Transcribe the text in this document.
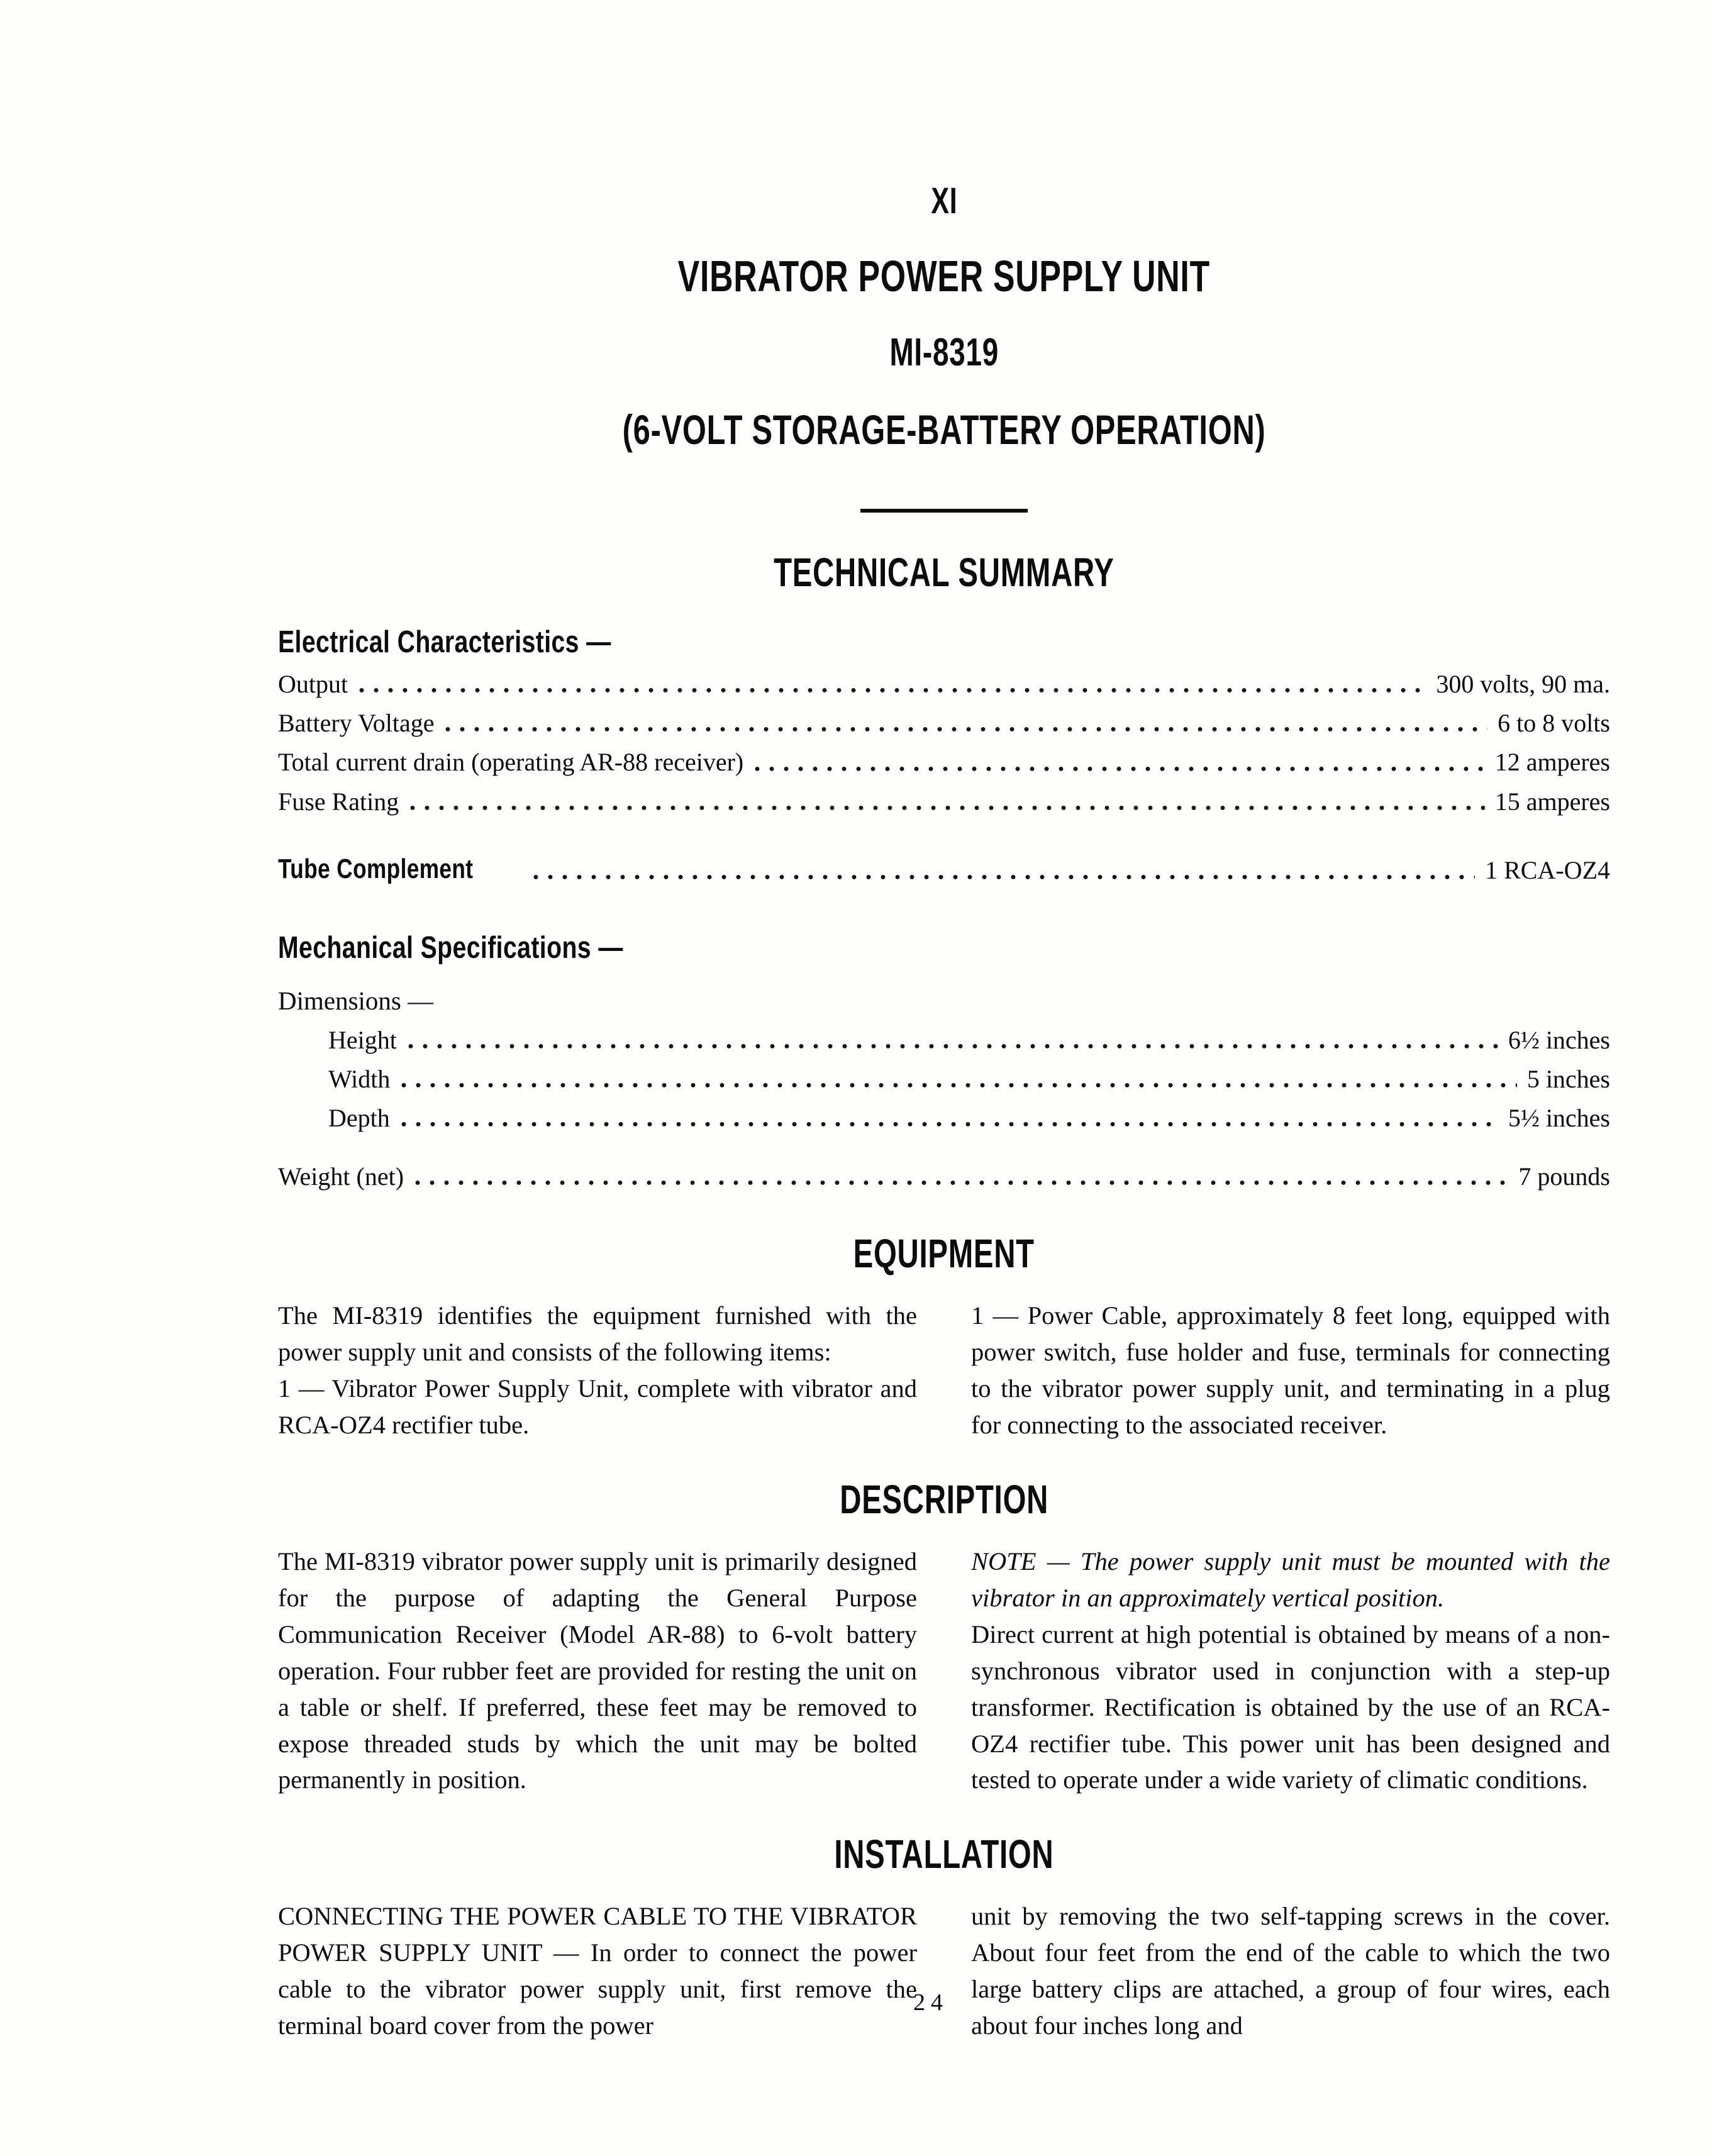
XI
VIBRATOR POWER SUPPLY UNIT
MI-8319
(6-VOLT STORAGE-BATTERY OPERATION)
TECHNICAL SUMMARY
Electrical Characteristics —
Output	300 volts, 90 ma.
Battery Voltage	6 to 8 volts
Total current drain (operating AR-88 receiver)	12 amperes
Fuse Rating	15 amperes
Tube Complement	1 RCA-OZ4
Mechanical Specifications —
Dimensions —
Height	6½ inches
Width	5 inches
Depth	5½ inches
Weight (net)	7 pounds
EQUIPMENT

The MI-8319 identifies the equipment furnished with the power supply unit and consists of the following items:

1 — Vibrator Power Supply Unit, complete with vibrator and RCA-OZ4 rectifier tube.

1 — Power Cable, approximately 8 feet long, equipped with power switch, fuse holder and fuse, terminals for connecting to the vibrator power supply unit, and terminating in a plug for connecting to the associated receiver.

DESCRIPTION

The MI-8319 vibrator power supply unit is primarily designed for the purpose of adapting the General Purpose Communication Receiver (Model AR-88) to 6-volt battery operation. Four rubber feet are provided for resting the unit on a table or shelf. If preferred, these feet may be removed to expose threaded studs by which the unit may be bolted permanently in position.

NOTE — The power supply unit must be mounted with the vibrator in an approximately vertical position.

Direct current at high potential is obtained by means of a non-synchronous vibrator used in conjunction with a step-up transformer. Rectification is obtained by the use of an RCA-OZ4 rectifier tube. This power unit has been designed and tested to operate under a wide variety of climatic conditions.

INSTALLATION

CONNECTING THE POWER CABLE TO THE VIBRATOR POWER SUPPLY UNIT — In order to connect the power cable to the vibrator power supply unit, first remove the terminal board cover from the power

unit by removing the two self-tapping screws in the cover. About four feet from the end of the cable to which the two large battery clips are attached, a group of four wires, each about four inches long and

24
